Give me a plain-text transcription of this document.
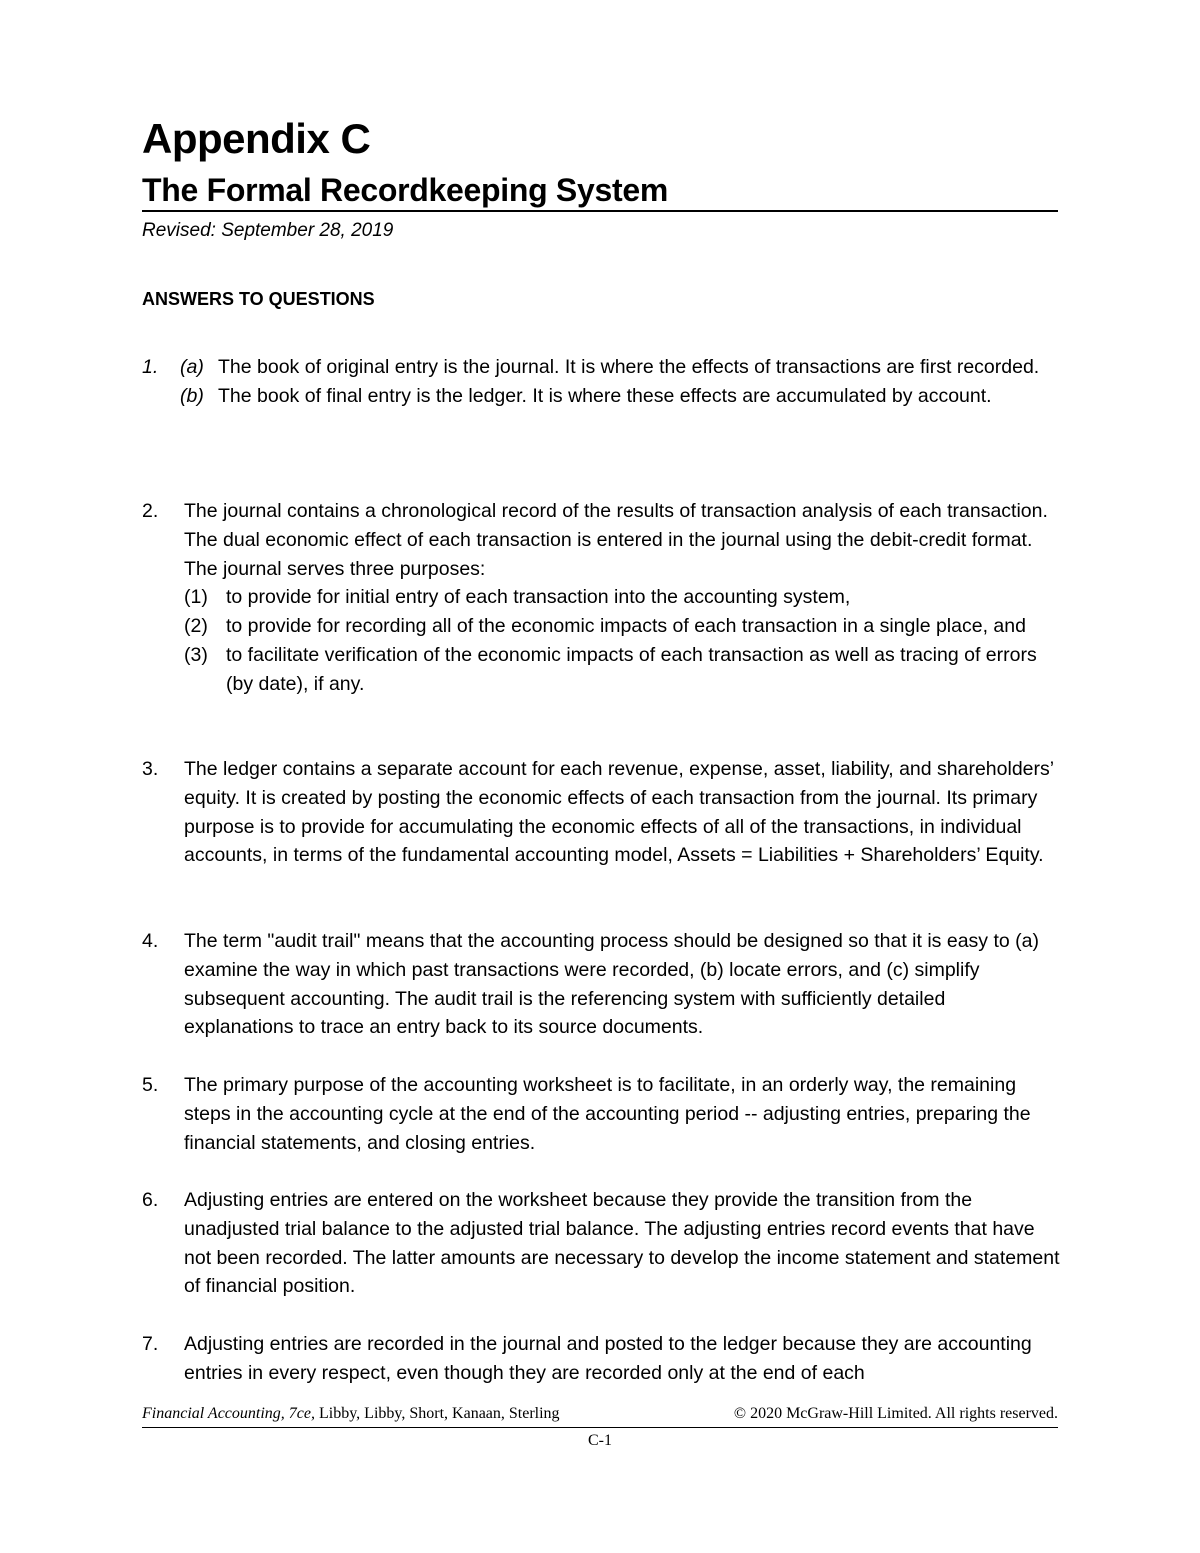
Appendix C
The Formal Recordkeeping System
Revised: September 28, 2019
ANSWERS TO QUESTIONS
1.	(a) The book of original entry is the journal. It is where the effects of transactions are first recorded.
(b) The book of final entry is the ledger. It is where these effects are accumulated by account.
2.	The journal contains a chronological record of the results of transaction analysis of each transaction. The dual economic effect of each transaction is entered in the journal using the debit-credit format. The journal serves three purposes:
(1) to provide for initial entry of each transaction into the accounting system,
(2) to provide for recording all of the economic impacts of each transaction in a single place, and
(3) to facilitate verification of the economic impacts of each transaction as well as tracing of errors (by date), if any.
3.	The ledger contains a separate account for each revenue, expense, asset, liability, and shareholders’ equity. It is created by posting the economic effects of each transaction from the journal. Its primary purpose is to provide for accumulating the economic effects of all of the transactions, in individual accounts, in terms of the fundamental accounting model, Assets = Liabilities + Shareholders’ Equity.
4.	The term "audit trail" means that the accounting process should be designed so that it is easy to (a) examine the way in which past transactions were recorded, (b) locate errors, and (c) simplify subsequent accounting. The audit trail is the referencing system with sufficiently detailed explanations to trace an entry back to its source documents.
5.	The primary purpose of the accounting worksheet is to facilitate, in an orderly way, the remaining steps in the accounting cycle at the end of the accounting period -- adjusting entries, preparing the financial statements, and closing entries.
6.	Adjusting entries are entered on the worksheet because they provide the transition from the unadjusted trial balance to the adjusted trial balance. The adjusting entries record events that have not been recorded. The latter amounts are necessary to develop the income statement and statement of financial position.
7.	Adjusting entries are recorded in the journal and posted to the ledger because they are accounting entries in every respect, even though they are recorded only at the end of each
Financial Accounting, 7ce, Libby, Libby, Short, Kanaan, Sterling	© 2020 McGraw-Hill Limited. All rights reserved.
C-1
